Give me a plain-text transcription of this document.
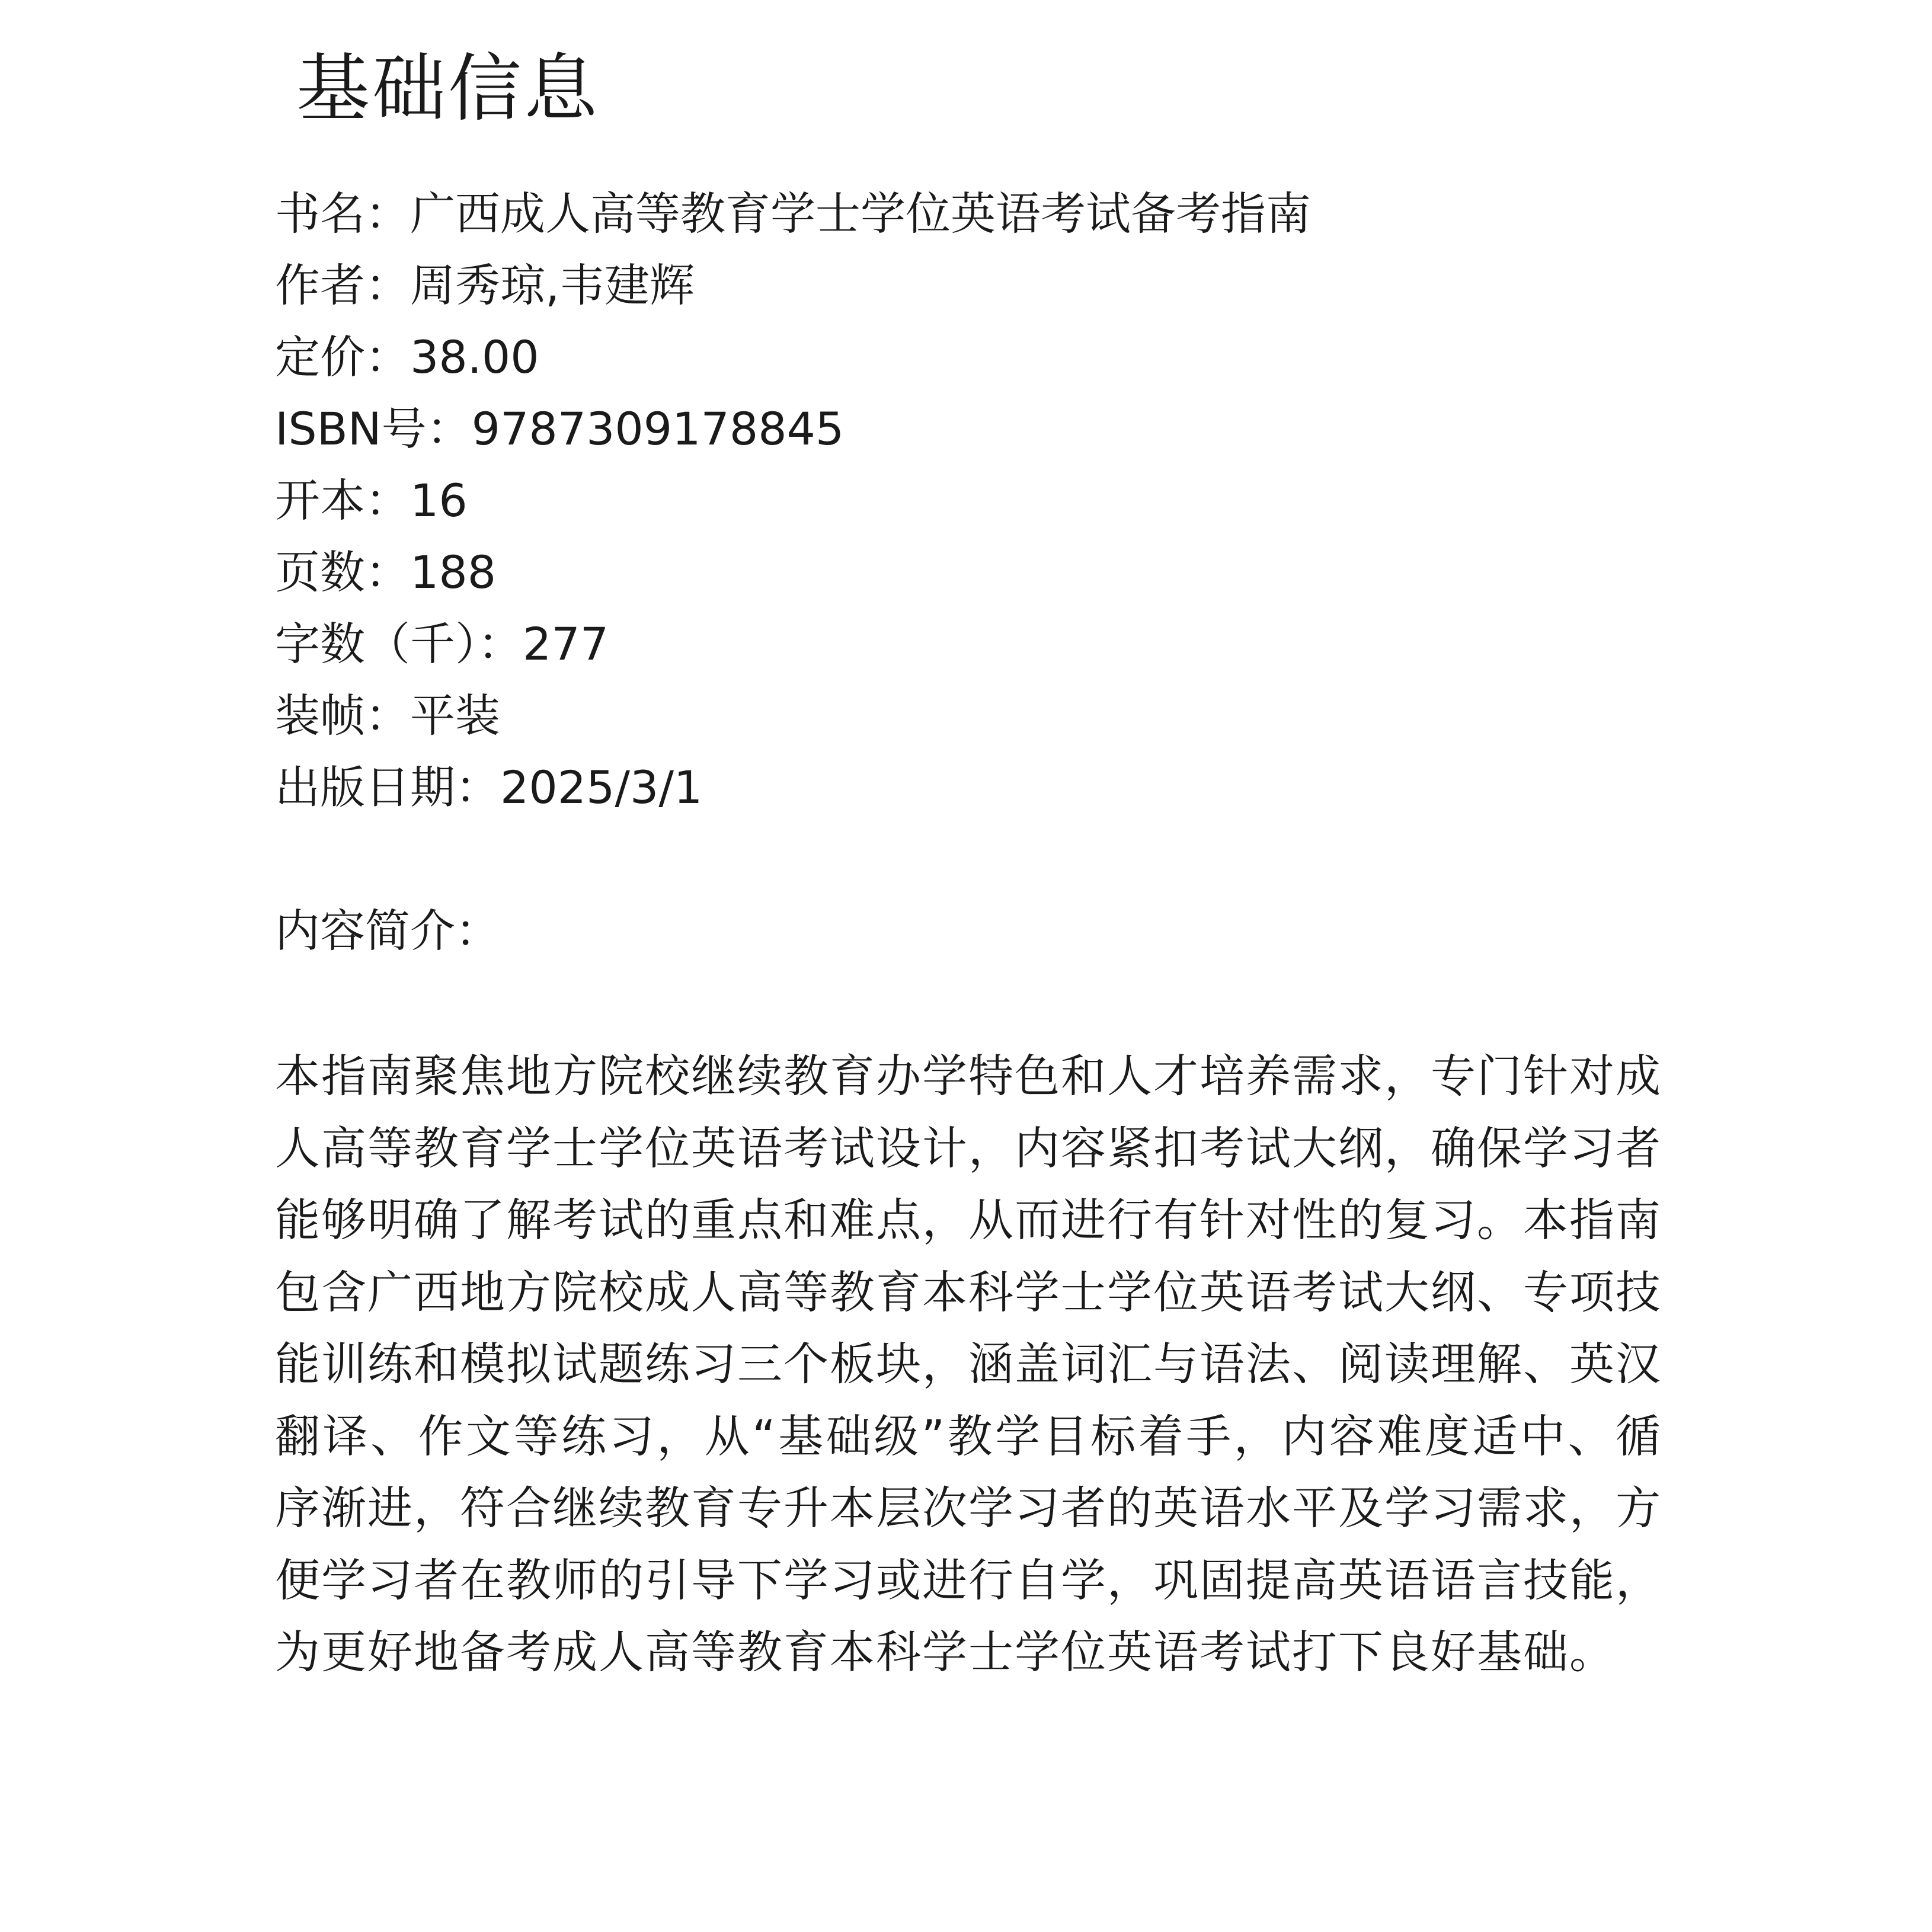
基础信息
书名：广西成人高等教育学士学位英语考试备考指南
作者：周秀琼,韦建辉
定价：38.00
ISBN号：9787309178845
开本：16
页数：188
字数（千）：277
装帧：平装
出版日期：2025/3/1
内容简介：

本指南聚焦地方院校继续教育办学特色和人才培养需求，专门针对成人高等教育学士学位英语考试设计，内容紧扣考试大纲，确保学习者能够明确了解考试的重点和难点，从而进行有针对性的复习。本指南包含广西地方院校成人高等教育本科学士学位英语考试大纲、专项技能训练和模拟试题练习三个板块，涵盖词汇与语法、阅读理解、英汉翻译、作文等练习，从“基础级”教学目标着手，内容难度适中、循序渐进，符合继续教育专升本层次学习者的英语水平及学习需求，方便学习者在教师的引导下学习或进行自学，巩固提高英语语言技能，为更好地备考成人高等教育本科学士学位英语考试打下良好基础。
